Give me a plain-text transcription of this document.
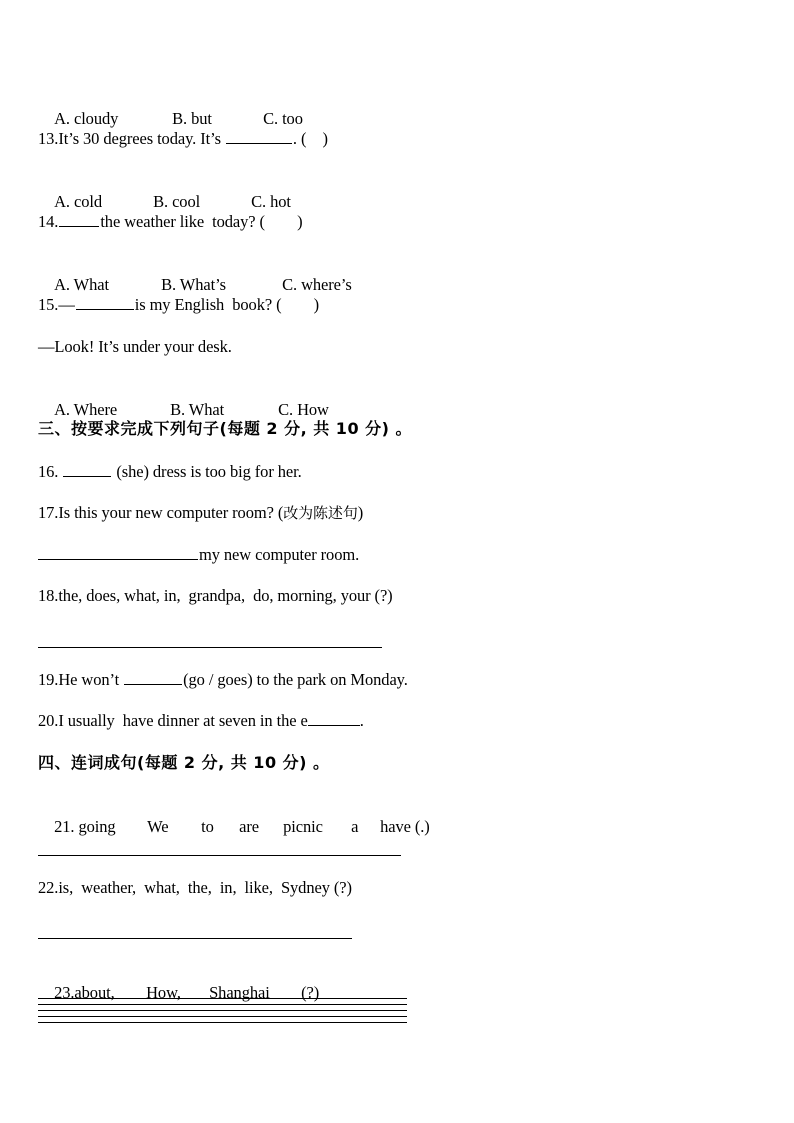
A. cloudy	B. but	C. too

13.It’s 30 degrees today. It’s	. (    )

A. cold	B. cool	C. hot

14.	the weather like  today? (        )

A. What	B. What’s	C. where’s

15.—	is my English  book? (        )
—Look! It’s under your desk.

A. Where	B. What	C. How

三、按要求完成下列句子(每题 2 分, 共 10 分) 。
16.	(she) dress is too big for her.
17.Is this your new computer room? (改为陈述句)
my new computer room.
18.the, does, what, in,  grandpa,  do, morning, your (?)
19.He won’t	(go / goes) to the park on Monday.
20.I usually  have dinner at seven in the e	.
四、连词成句(每题 2 分, 共 10 分) 。

21. going We to are picnic a have (.)

22.is,  weather,  what,  the,  in,  like,  Sydney (?)

23.about, How, Shanghai (?)
